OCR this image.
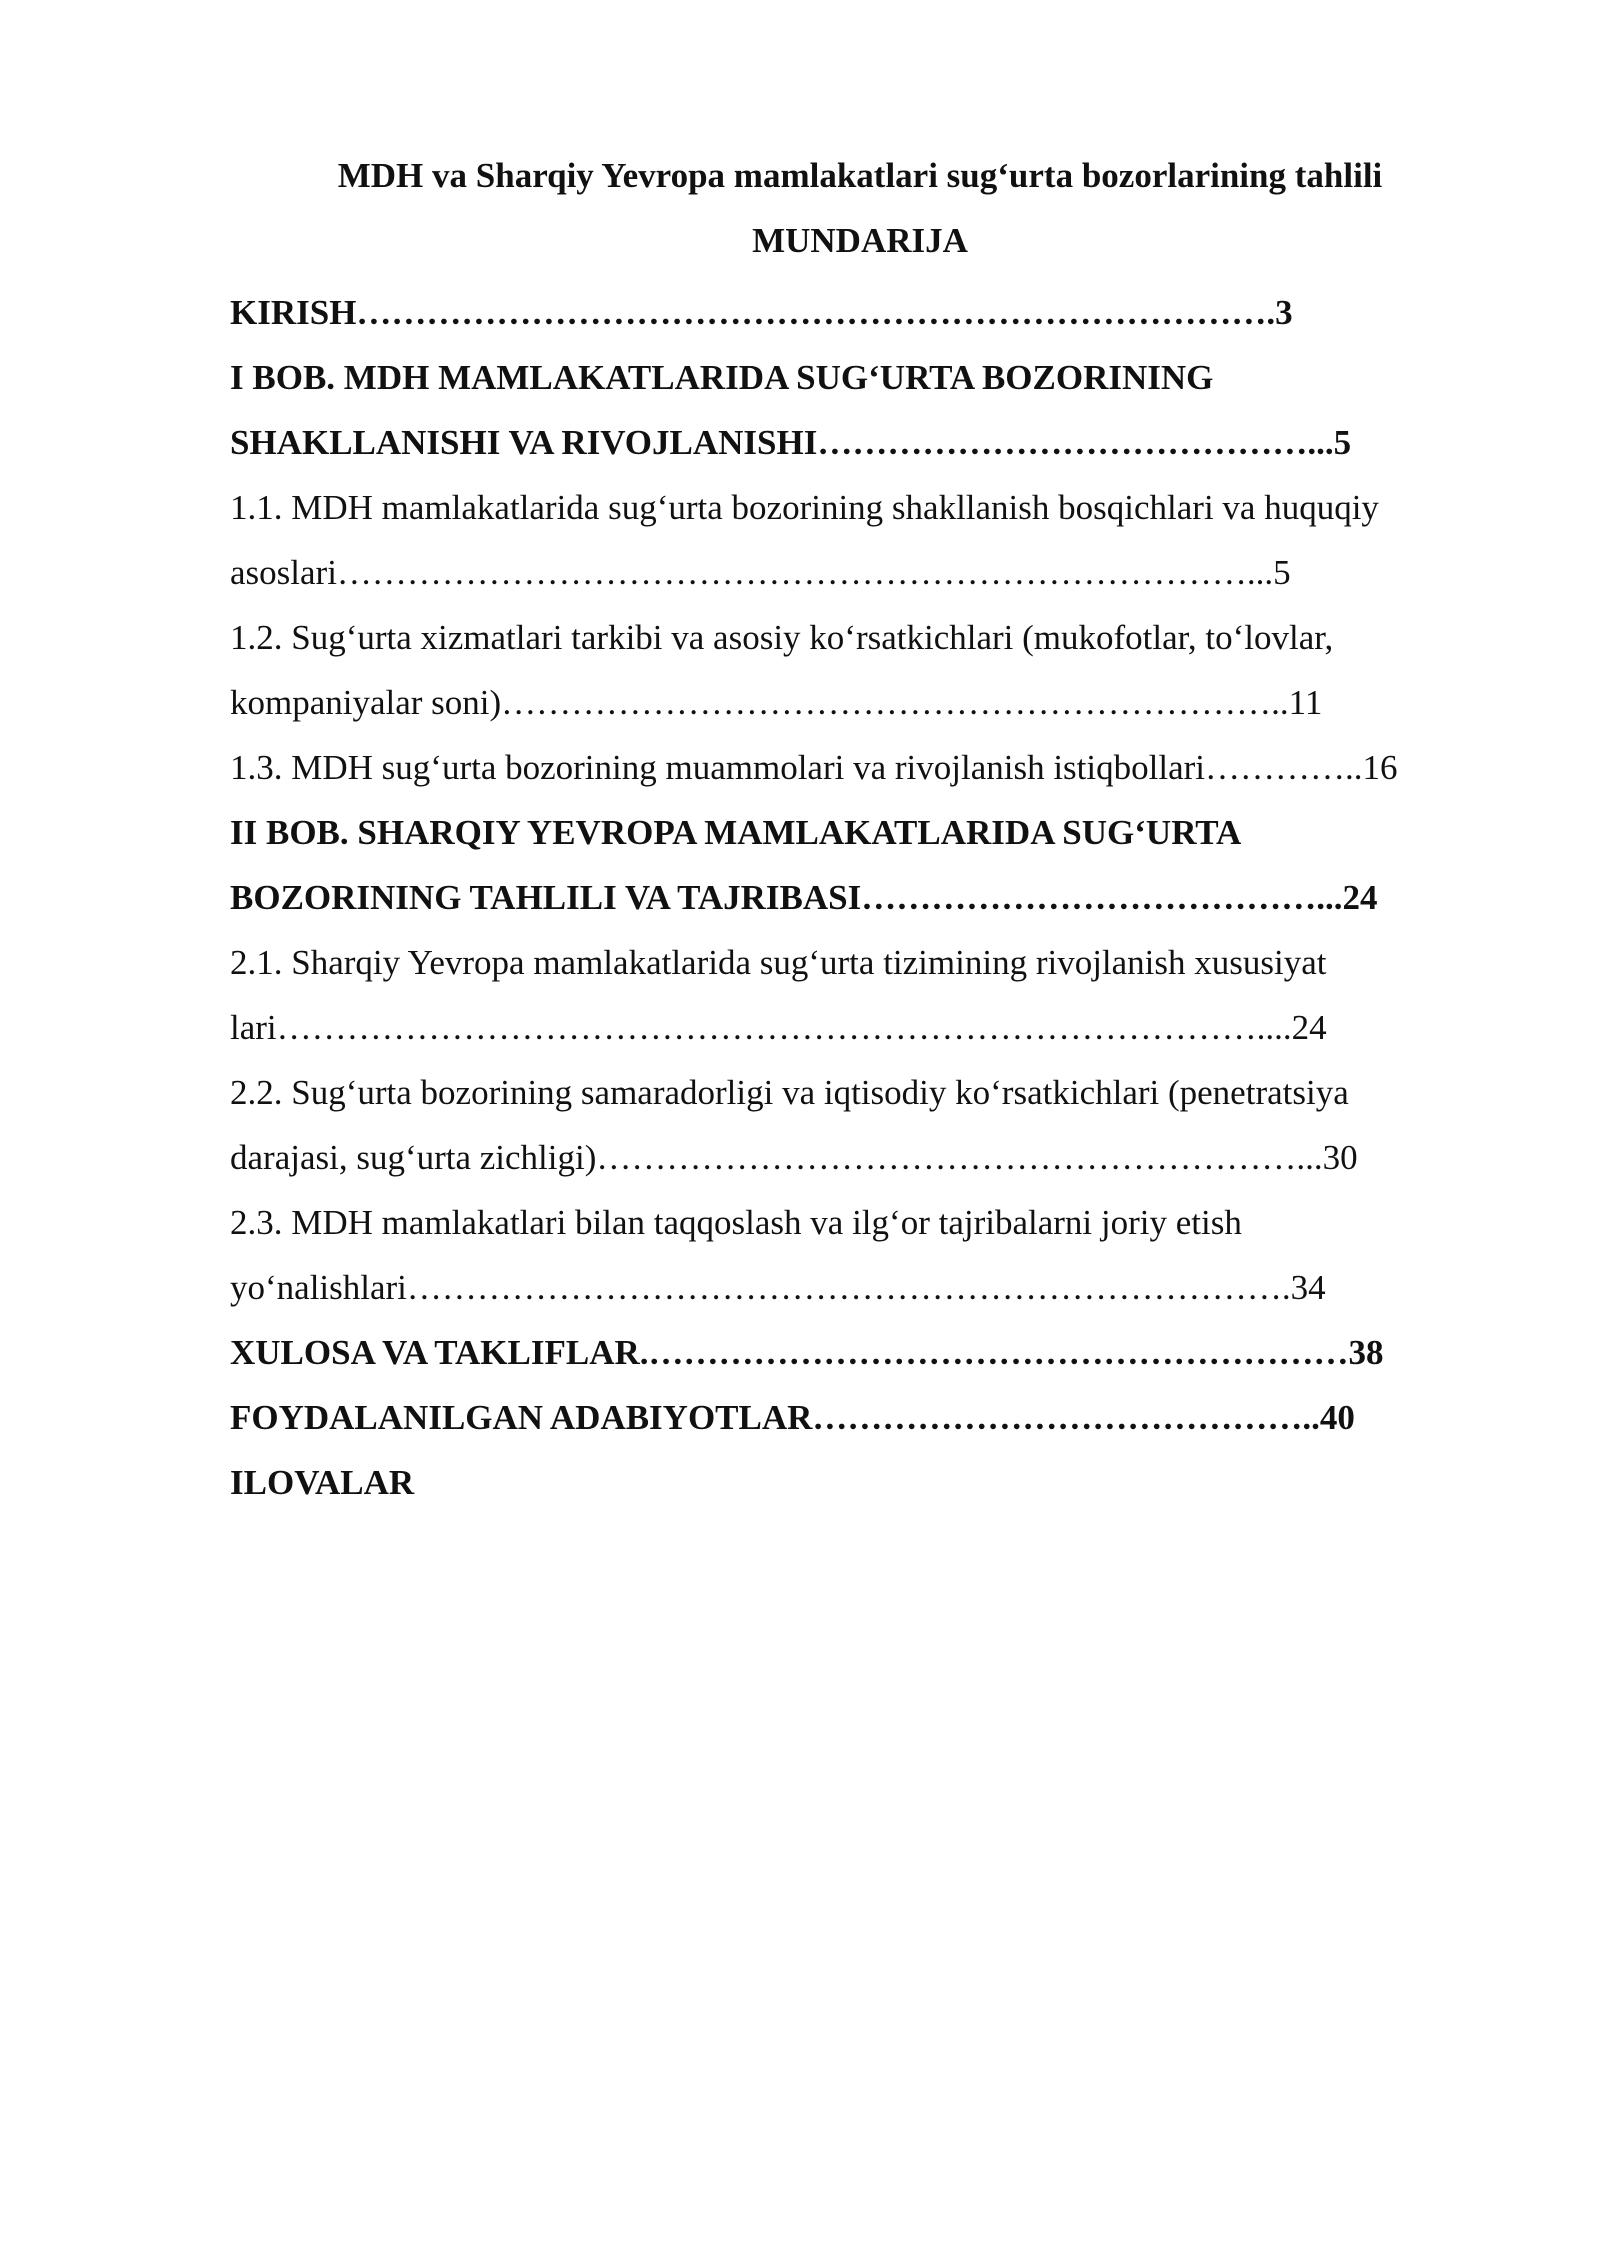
MDH va Sharqiy Yevropa mamlakatlari sug‘urta bozorlarining tahlili
MUNDARIJA
KIRISH…………………………………………………………………….3
I BOB. MDH MAMLAKATLARIDA SUG‘URTA BOZORINING
SHAKLLANISHI VA RIVOJLANISHI……………………………………...5
1.1. MDH mamlakatlarida sug‘urta bozorining shakllanish bosqichlari va huquqiy
asoslari……………………………………………………………………...5
1.2. Sug‘urta xizmatlari tarkibi va asosiy ko‘rsatkichlari (mukofotlar, to‘lovlar,
kompaniyalar soni)…………………………………………………………..11
1.3. MDH sug‘urta bozorining muammolari va rivojlanish istiqbollari…………..16
II BOB. SHARQIY YEVROPA MAMLAKATLARIDA SUG‘URTA
BOZORINING TAHLILI VA TAJRIBASI…………………………………...24
2.1. Sharqiy Yevropa mamlakatlarida sug‘urta tizimining rivojlanish xususiyat
lari…………………………………………………………………………....24
2.2. Sug‘urta bozorining samaradorligi va iqtisodiy ko‘rsatkichlari (penetratsiya
darajasi, sug‘urta zichligi)……………………………………………………...30
2.3. MDH mamlakatlari bilan taqqoslash va ilg‘or tajribalarni joriy etish
yo‘nalishlari………………………………………………………………….34
XULOSA VA TAKLIFLAR.……………………………………………………38
FOYDALANILGAN ADABIYOTLAR……………………………………..40
ILOVALAR
